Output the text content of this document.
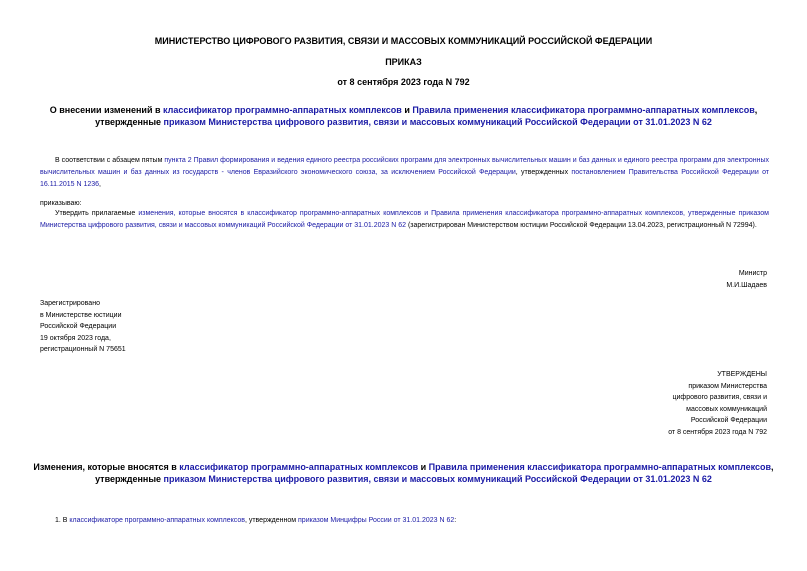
МИНИСТЕРСТВО ЦИФРОВОГО РАЗВИТИЯ, СВЯЗИ И МАССОВЫХ КОММУНИКАЦИЙ РОССИЙСКОЙ ФЕДЕРАЦИИ
ПРИКАЗ
от 8 сентября 2023 года N 792
О внесении изменений в классификатор программно-аппаратных комплексов и Правила применения классификатора программно-аппаратных комплексов,
утвержденные приказом Министерства цифрового развития, связи и массовых коммуникаций Российской Федерации от 31.01.2023 N 62
В соответствии с абзацем пятым пункта 2 Правил формирования и ведения единого реестра российских программ для электронных вычислительных машин и баз данных и единого реестра программ для электронных вычислительных машин и баз данных из государств - членов Евразийского экономического союза, за исключением Российской Федерации, утвержденных постановлением Правительства Российской Федерации от 16.11.2015 N 1236,
приказываю:
Утвердить прилагаемые изменения, которые вносятся в классификатор программно-аппаратных комплексов и Правила применения классификатора программно-аппаратных комплексов, утвержденные приказом Министерства цифрового развития, связи и массовых коммуникаций Российской Федерации от 31.01.2023 N 62 (зарегистрирован Министерством юстиции Российской Федерации 13.04.2023, регистрационный N 72994).
Министр
М.И.Шадаев
Зарегистрировано
в Министерстве юстиции
Российской Федерации
19 октября 2023 года,
регистрационный N 75651
УТВЕРЖДЕНЫ
приказом Министерства
цифрового развития, связи и
массовых коммуникаций
Российской Федерации
от 8 сентября 2023 года N 792
Изменения, которые вносятся в классификатор программно-аппаратных комплексов и Правила применения классификатора программно-аппаратных комплексов,
утвержденные приказом Министерства цифрового развития, связи и массовых коммуникаций Российской Федерации от 31.01.2023 N 62
1. В классификаторе программно-аппаратных комплексов, утвержденном приказом Минцифры России от 31.01.2023 N 62:
